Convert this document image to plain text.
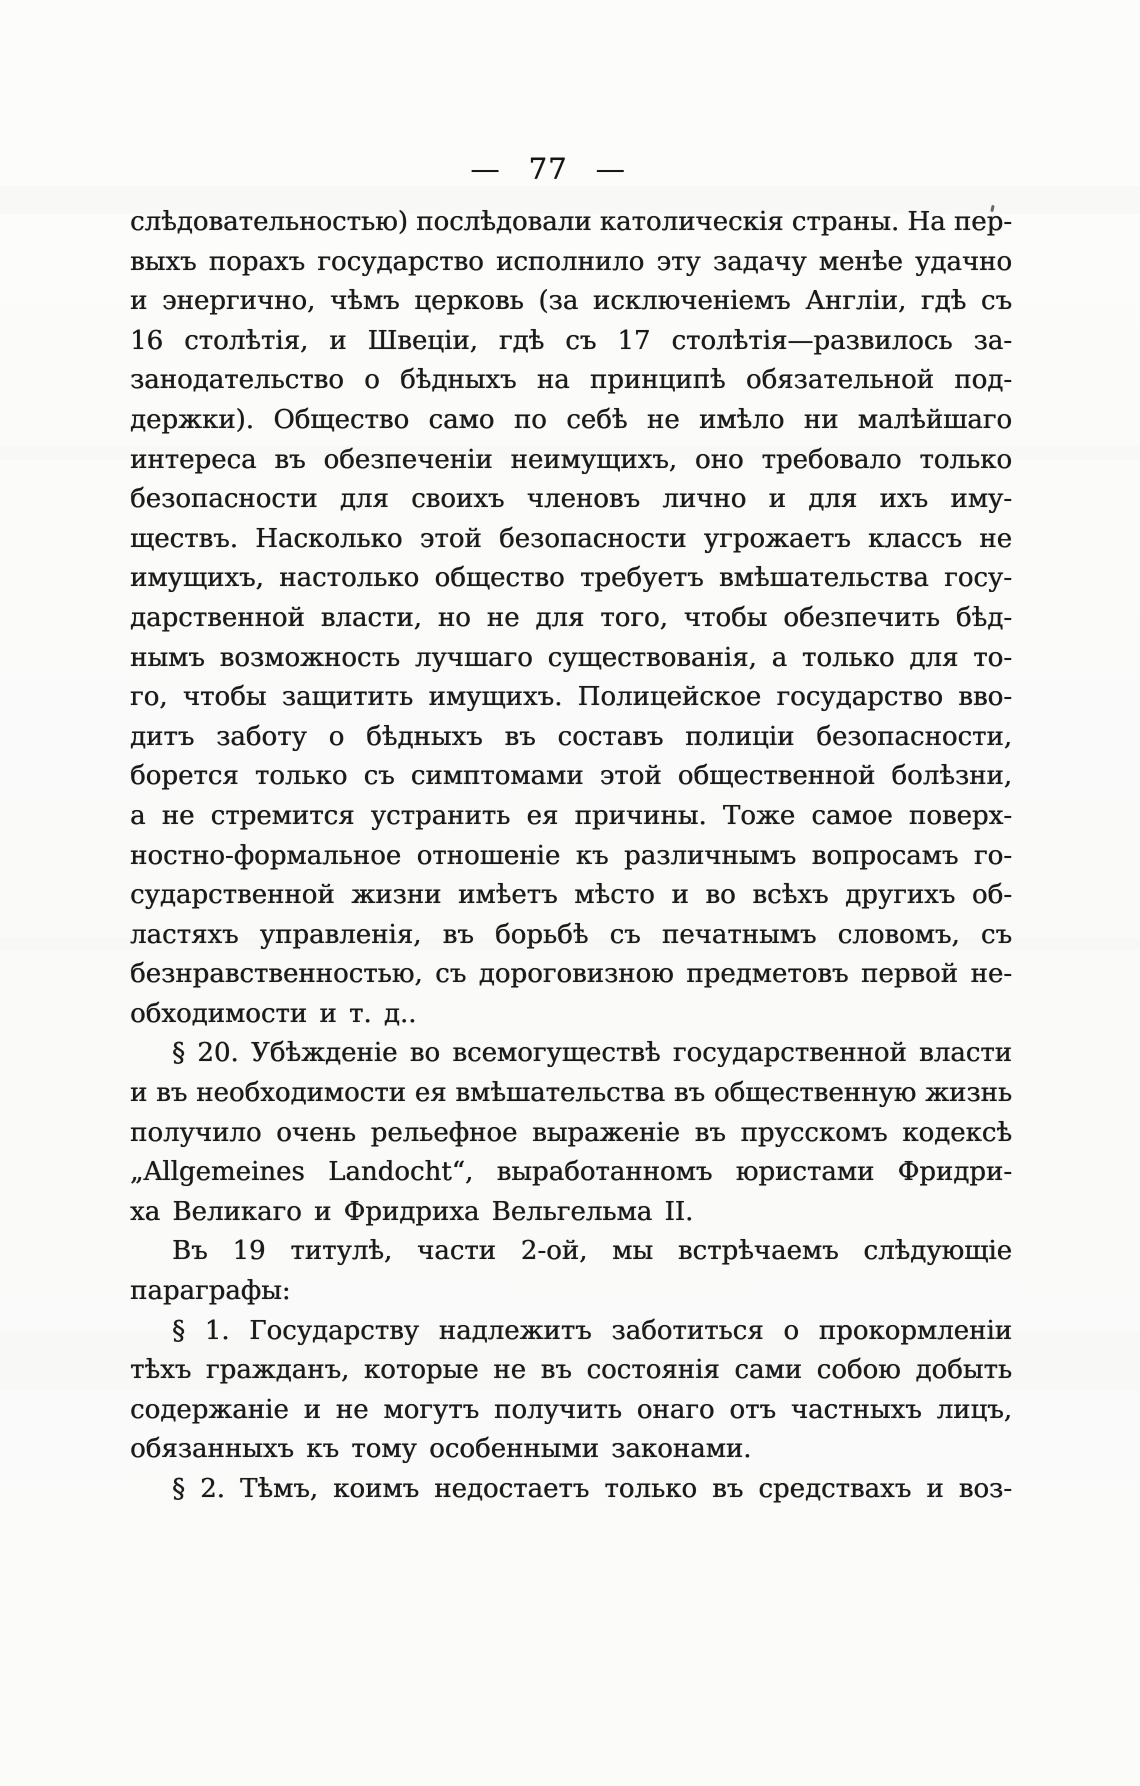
— 77 —
слѣдовательностью) послѣдовали католическія страны. На пер-
выхъ порахъ государство исполнило эту задачу менѣе удачно
и энергично, чѣмъ церковь (за исключеніемъ Англіи, гдѣ съ
16 столѣтія, и Швеціи, гдѣ съ 17 столѣтія—развилось за-
занодательство о бѣдныхъ на принципѣ обязательной под-
держки). Общество само по себѣ не имѣло ни малѣйшаго
интереса въ обезпеченіи неимущихъ, оно требовало только
безопасности для своихъ членовъ лично и для ихъ иму-
ществъ. Насколько этой безопасности угрожаетъ классъ не
имущихъ, настолько общество требуетъ вмѣшательства госу-
дарственной власти, но не для того, чтобы обезпечить бѣд-
нымъ возможность лучшаго существованія, а только для то-
го, чтобы защитить имущихъ. Полицейское государство вво-
дитъ заботу о бѣдныхъ въ составъ полиціи безопасности,
борется только съ симптомами этой общественной болѣзни,
а не стремится устранить ея причины. Тоже самое поверх-
ностно-формальное отношеніе къ различнымъ вопросамъ го-
сударственной жизни имѣетъ мѣсто и во всѣхъ другихъ об-
ластяхъ управленія, въ борьбѣ съ печатнымъ словомъ, съ
безнравственностью, съ дороговизною предметовъ первой не-
обходимости и т. д..
§ 20. Убѣжденіе во всемогуществѣ государственной власти
и въ необходимости ея вмѣшательства въ общественную жизнь
получило очень рельефное выраженіе въ прусскомъ кодексѣ
„Allgemeines Landocht“, выработанномъ юристами Фридри-
ха Великаго и Фридриха Вельгельма II.
Въ 19 титулѣ, части 2-ой, мы встрѣчаемъ слѣдующіе
параграфы:
§ 1. Государству надлежитъ заботиться о прокормленіи
тѣхъ гражданъ, которые не въ состоянія сами собою добыть
содержаніе и не могутъ получить онаго отъ частныхъ лицъ,
обязанныхъ къ тому особенными законами.
§ 2. Тѣмъ, коимъ недостаетъ только въ средствахъ и воз-
